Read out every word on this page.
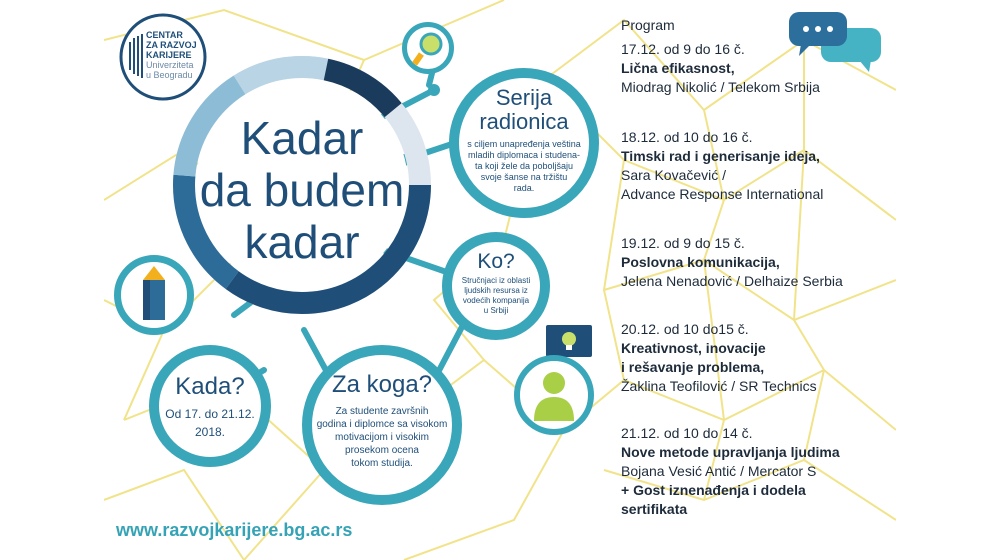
CENTAR
ZA RAZVOJ
KARIJERE
Univerziteta
u Beogradu
Kadar
da budem
kadar
Serija
radionica
s ciljem unapređenja veština
mladih diplomaca i studena-
ta koji žele da poboljšaju
svoje šanse na tržištu
rada.
Ko?
Stručnjaci iz oblasti
ljudskih resursa iz
vodećih kompanija
u Srbiji
Kada?
Od 17. do 21.12.
2018.
Za koga?
Za studente završnih
godina i diplomce sa visokom
motivacijom i visokim
prosekom ocena
tokom studija.
www.razvojkarijere.bg.ac.rs
Program
17.12. od 9 do 16 č.
Lična efikasnost,
Miodrag Nikolić / Telekom Srbija
18.12. od 10 do 16 č.
Timski rad i generisanje ideja,
Sara Kovačević /
Advance Response International
19.12. od 9 do 15 č.
Poslovna komunikacija,
Jelena Nenadović / Delhaize Serbia
20.12. od 10 do15 č.
Kreativnost, inovacije
i rešavanje problema,
Žaklina Teofilović / SR Technics
21.12. od 10 do 14 č.
Nove metode upravljanja ljudima
Bojana Vesić Antić / Mercator S
+ Gost iznenađenja i dodela
sertifikata
